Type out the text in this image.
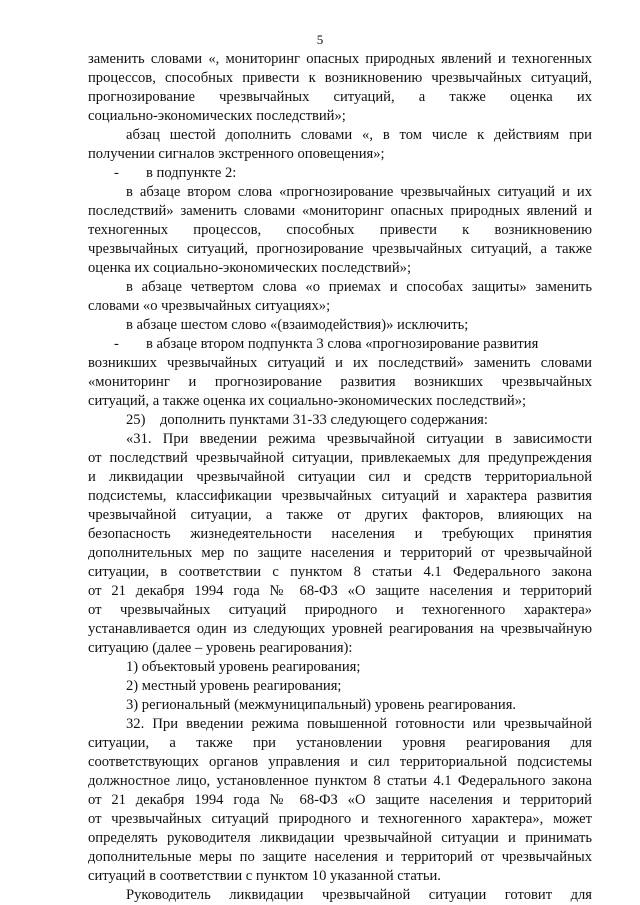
5
заменить словами «, мониторинг опасных природных явлений и техногенных
процессов, способных привести к возникновению чрезвычайных ситуаций,
прогнозирование чрезвычайных ситуаций, а также оценка их
социально-экономических последствий»;
абзац шестой дополнить словами «, в том числе к действиям при
получении сигналов экстренного оповещения»;
- в подпункте 2:
в абзаце втором слова «прогнозирование чрезвычайных ситуаций и их
последствий» заменить словами «мониторинг опасных природных явлений и
техногенных процессов, способных привести к возникновению
чрезвычайных ситуаций, прогнозирование чрезвычайных ситуаций, а также
оценка их социально-экономических последствий»;
в абзаце четвертом слова «о приемах и способах защиты» заменить
словами «о чрезвычайных ситуациях»;
в абзаце шестом слово «(взаимодействия)» исключить;
- в абзаце втором подпункта 3 слова «прогнозирование развития
возникших чрезвычайных ситуаций и их последствий» заменить словами
«мониторинг и прогнозирование развития возникших чрезвычайных
ситуаций, а также оценка их социально-экономических последствий»;
25) дополнить пунктами 31-33 следующего содержания:
«31. При введении режима чрезвычайной ситуации в зависимости
от последствий чрезвычайной ситуации, привлекаемых для предупреждения
и ликвидации чрезвычайной ситуации сил и средств территориальной
подсистемы, классификации чрезвычайных ситуаций и характера развития
чрезвычайной ситуации, а также от других факторов, влияющих на
безопасность жизнедеятельности населения и требующих принятия
дополнительных мер по защите населения и территорий от чрезвычайной
ситуации, в соответствии с пунктом 8 статьи 4.1 Федерального закона
от 21 декабря 1994 года № 68-ФЗ «О защите населения и территорий
от чрезвычайных ситуаций природного и техногенного характера»
устанавливается один из следующих уровней реагирования на чрезвычайную
ситуацию (далее – уровень реагирования):
1) объектовый уровень реагирования;
2) местный уровень реагирования;
3) региональный (межмуниципальный) уровень реагирования.
32. При введении режима повышенной готовности или чрезвычайной
ситуации, а также при установлении уровня реагирования для
соответствующих органов управления и сил территориальной подсистемы
должностное лицо, установленное пунктом 8 статьи 4.1 Федерального закона
от 21 декабря 1994 года № 68-ФЗ «О защите населения и территорий
от чрезвычайных ситуаций природного и техногенного характера», может
определять руководителя ликвидации чрезвычайной ситуации и принимать
дополнительные меры по защите населения и территорий от чрезвычайных
ситуаций в соответствии с пунктом 10 указанной статьи.
Руководитель ликвидации чрезвычайной ситуации готовит для
